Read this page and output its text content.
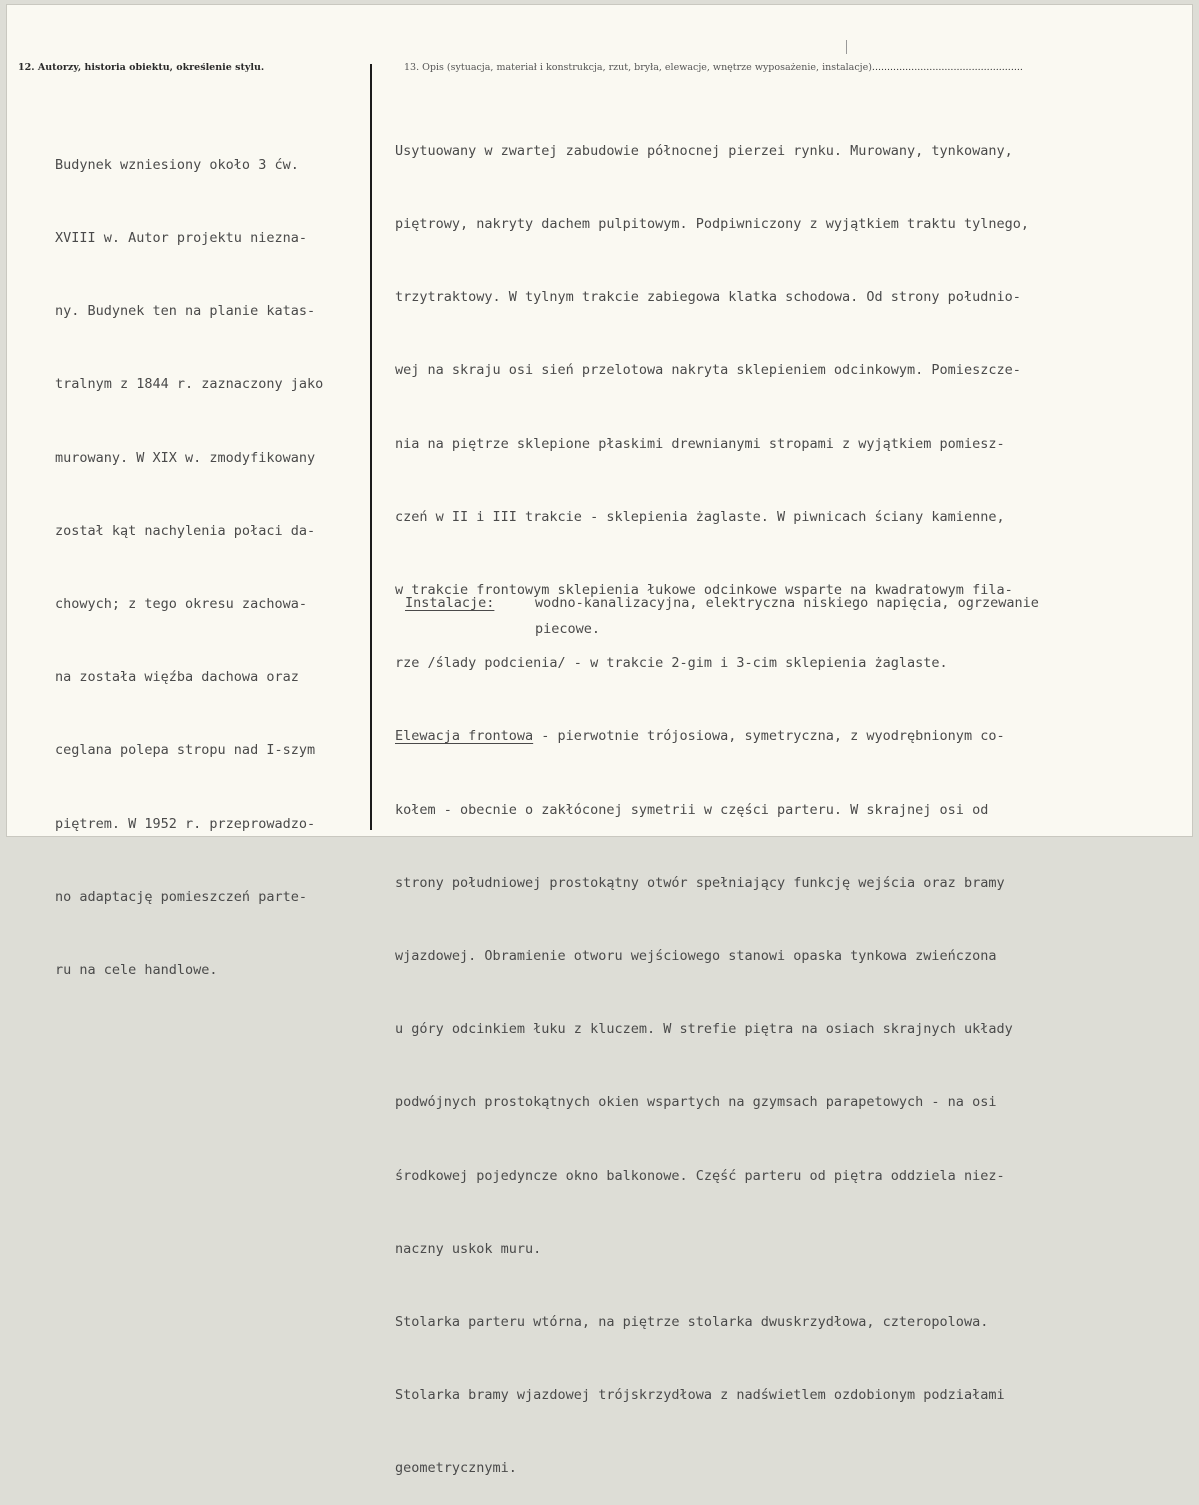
12. Autorzy, historia obiektu, określenie stylu.	13. Opis (sytuacja, materiał i konstrukcja, rzut, bryła, elewacje, wnętrze wyposażenie, instalacje)..................................................

Budynek wzniesiony około 3 ćw.

XVIII w. Autor projektu niezna-

ny. Budynek ten na planie katas-

tralnym z 1844 r. zaznaczony jako

murowany. W XIX w. zmodyfikowany

został kąt nachylenia połaci da-

chowych; z tego okresu zachowa-

na została więźba dachowa oraz

ceglana polepa stropu nad I-szym

piętrem. W 1952 r. przeprowadzo-

no adaptację pomieszczeń parte-

ru na cele handlowe.

Usytuowany w zwartej zabudowie północnej pierzei rynku. Murowany, tynkowany,

piętrowy, nakryty dachem pulpitowym. Podpiwniczony z wyjątkiem traktu tylnego,

trzytraktowy. W tylnym trakcie zabiegowa klatka schodowa. Od strony południo-

wej na skraju osi sień przelotowa nakryta sklepieniem odcinkowym. Pomieszcze-

nia na piętrze sklepione płaskimi drewnianymi stropami z wyjątkiem pomiesz-

czeń w II i III trakcie - sklepienia żaglaste. W piwnicach ściany kamienne,

w trakcie frontowym sklepienia łukowe odcinkowe wsparte na kwadratowym fila-

rze /ślady podcienia/ - w trakcie 2-gim i 3-cim sklepienia żaglaste.

Elewacja frontowa - pierwotnie trójosiowa, symetryczna, z wyodrębnionym co-

kołem - obecnie o zakłóconej symetrii w części parteru. W skrajnej osi od

strony południowej prostokątny otwór spełniający funkcję wejścia oraz bramy

wjazdowej. Obramienie otworu wejściowego stanowi opaska tynkowa zwieńczona

u góry odcinkiem łuku z kluczem. W strefie piętra na osiach skrajnych układy

podwójnych prostokątnych okien wspartych na gzymsach parapetowych - na osi

środkowej pojedyncze okno balkonowe. Część parteru od piętra oddziela niez-

naczny uskok muru.

Stolarka parteru wtórna, na piętrze stolarka dwuskrzydłowa, czteropolowa.

Stolarka bramy wjazdowej trójskrzydłowa z nadświetlem ozdobionym podziałami

geometrycznymi.

Instalacje:

	wodno-kanalizacyjna, elektryczna niskiego napięcia, ogrzewanie
piecowe.
